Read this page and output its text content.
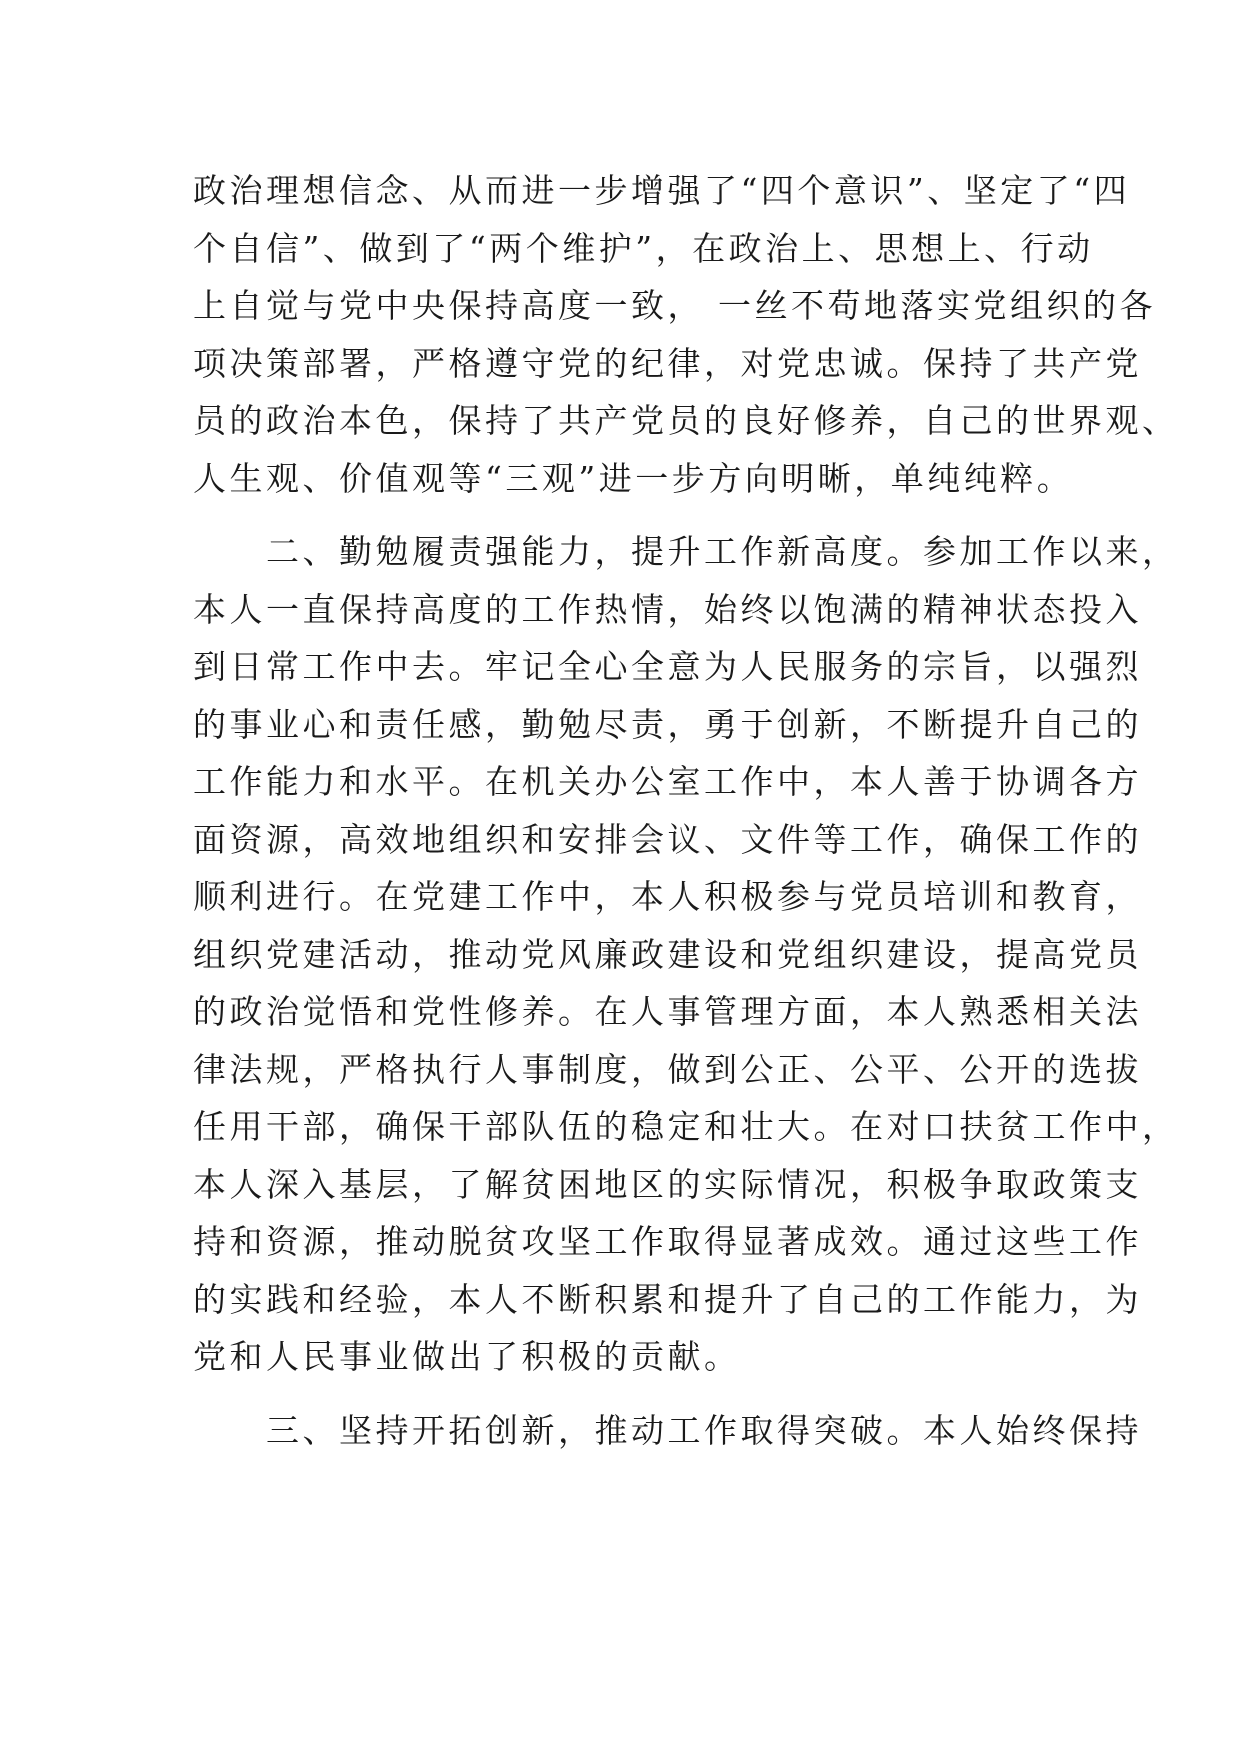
政治理想信念、从而进一步增强了“四个意识”、坚定了“四
个自信”、做到了“两个维护”，在政治上、思想上、行动
上自觉与党中央保持高度一致， 一丝不苟地落实党组织的各
项决策部署，严格遵守党的纪律，对党忠诚。保持了共产党
员的政治本色，保持了共产党员的良好修养，自己的世界观、
人生观、价值观等“三观”进一步方向明晰，单纯纯粹。
　　二、勤勉履责强能力，提升工作新高度。参加工作以来，
本人一直保持高度的工作热情，始终以饱满的精神状态投入
到日常工作中去。牢记全心全意为人民服务的宗旨，以强烈
的事业心和责任感，勤勉尽责，勇于创新，不断提升自己的
工作能力和水平。在机关办公室工作中，本人善于协调各方
面资源，高效地组织和安排会议、文件等工作，确保工作的
顺利进行。在党建工作中，本人积极参与党员培训和教育，
组织党建活动，推动党风廉政建设和党组织建设，提高党员
的政治觉悟和党性修养。在人事管理方面，本人熟悉相关法
律法规，严格执行人事制度，做到公正、公平、公开的选拔
任用干部，确保干部队伍的稳定和壮大。在对口扶贫工作中，
本人深入基层，了解贫困地区的实际情况，积极争取政策支
持和资源，推动脱贫攻坚工作取得显著成效。通过这些工作
的实践和经验，本人不断积累和提升了自己的工作能力，为
党和人民事业做出了积极的贡献。
　　三、坚持开拓创新，推动工作取得突破。本人始终保持
